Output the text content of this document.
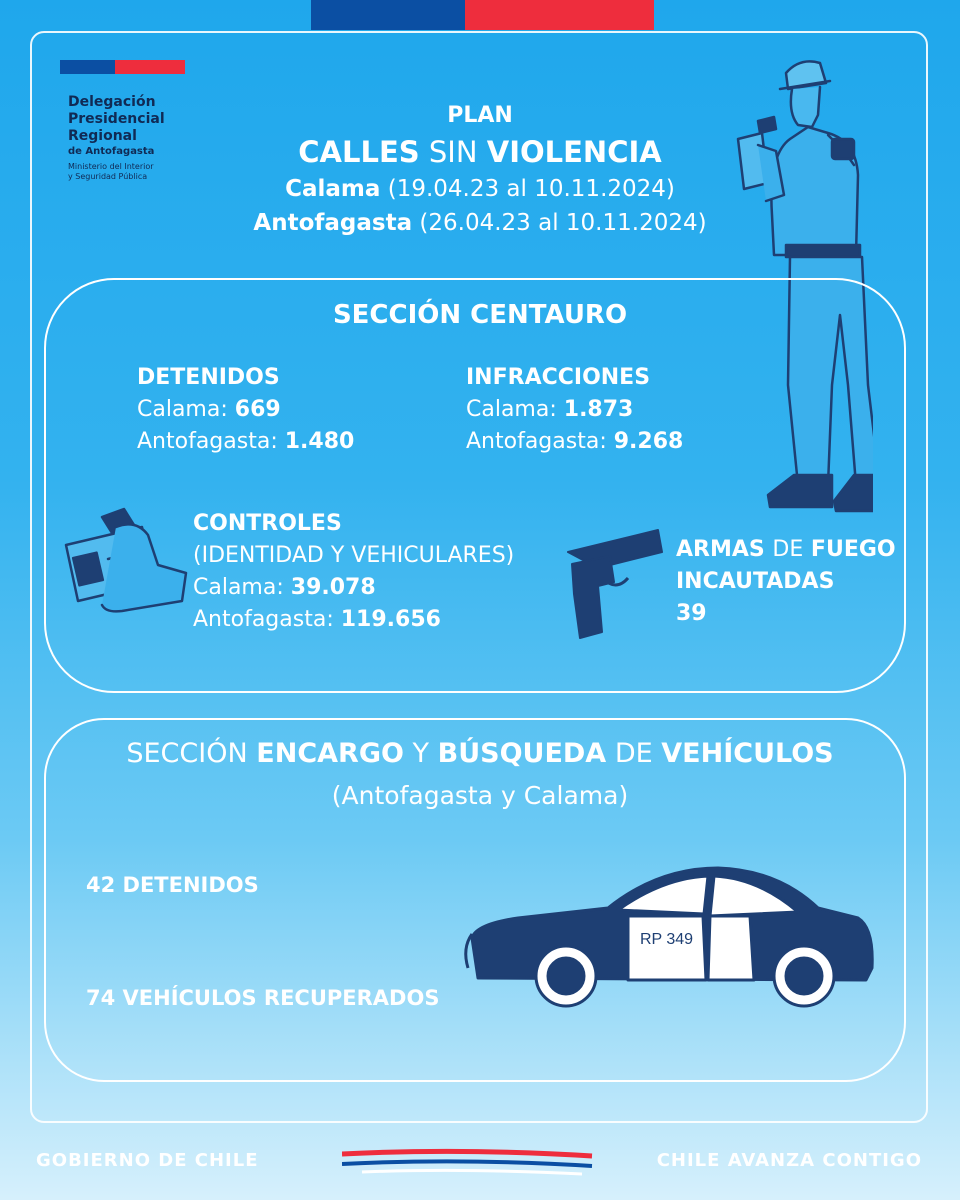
Delegación
Presidencial
Regional
de Antofagasta
Ministerio del Interior
y Seguridad Pública
PLAN
CALLES SIN VIOLENCIA
Calama (19.04.23 al 10.11.2024)
Antofagasta (26.04.23 al 10.11.2024)
SECCIÓN CENTAURO
DETENIDOS
Calama: 669
Antofagasta: 1.480
INFRACCIONES
Calama: 1.873
Antofagasta: 9.268
CONTROLES
(IDENTIDAD Y VEHICULARES)
Calama: 39.078
Antofagasta: 119.656
ARMAS DE FUEGO
INCAUTADAS
39
SECCIÓN ENCARGO Y BÚSQUEDA DE VEHÍCULOS
(Antofagasta y Calama)
42 DETENIDOS
74 VEHÍCULOS RECUPERADOS
RP 349
GOBIERNO DE CHILE	CHILE AVANZA CONTIGO
